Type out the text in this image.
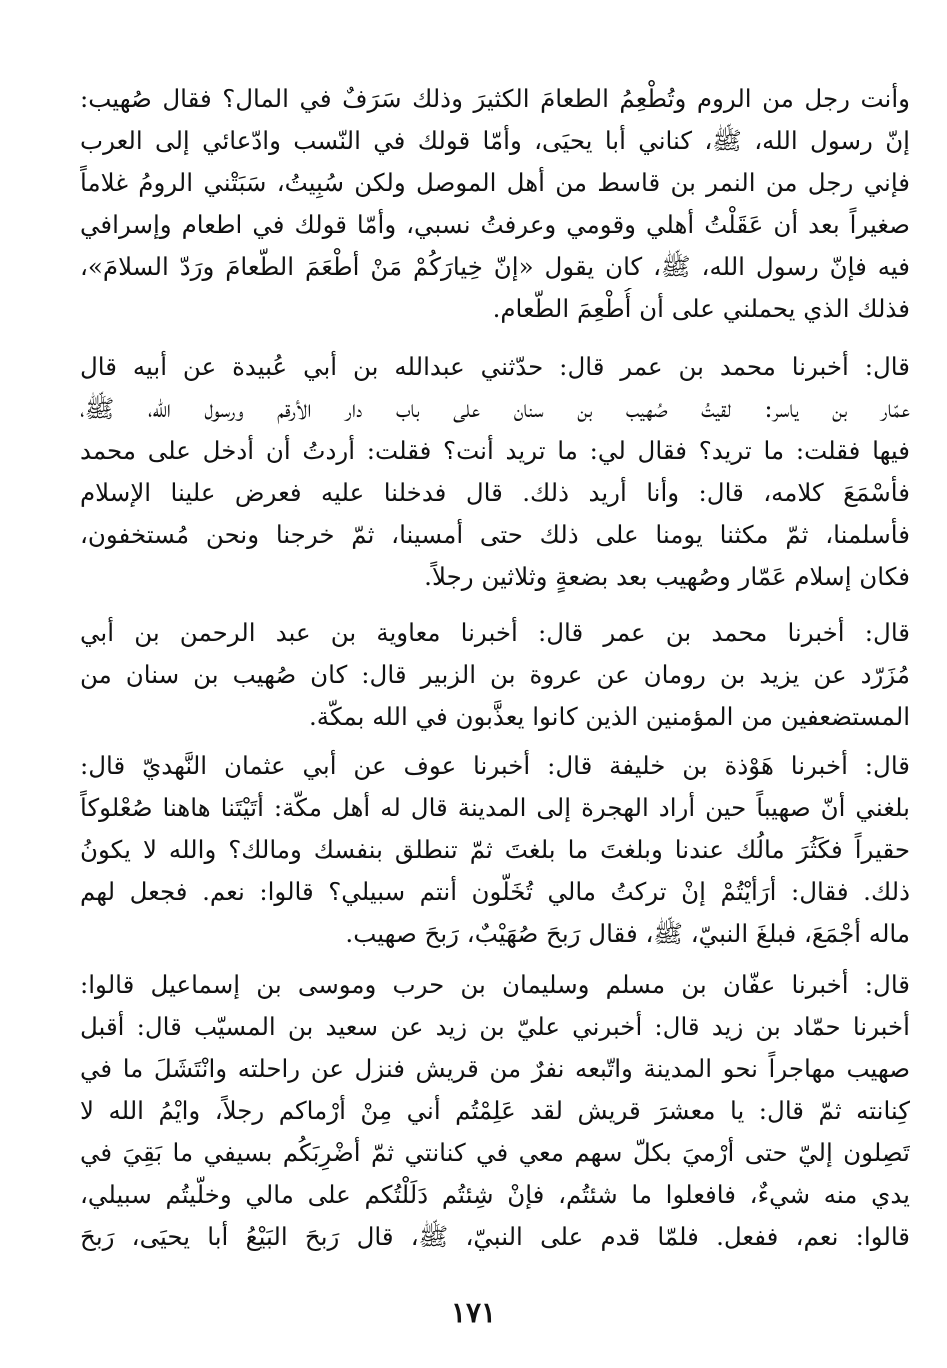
وأنت رجل من الروم وتُطْعِمُ الطعامَ الكثيرَ وذلك سَرَفٌ في المال؟ فقال صُهيب:
إنّ رسول الله، ﷺ، كناني أبا يحيَى، وأمّا قولك في النّسب وادّعائي إلى العرب
فإني رجل من النمر بن قاسط من أهل الموصل ولكن سُبِيتُ، سَبَتْني الرومُ غلاماً
صغيراً بعد أن عَقَلْتُ أهلي وقومي وعرفتُ نسبي، وأمّا قولك في اطعام وإسرافي
فيه فإنّ رسول الله، ﷺ، كان يقول «إنّ خِيارَكُمْ مَنْ أطْعَمَ الطّعامَ ورَدّ السلامَ»،
فذلك الذي يحملني على أن أُطْعِمَ الطّعام.
قال: أخبرنا محمد بن عمر قال: حدّثني عبدالله بن أبي عُبيدة عن أبيه قال
عمّار بن ياسر: لقيتُ صُهيب بن سنان على باب دار الأرقم ورسول الله، ﷺ،
فيها فقلت: ما تريد؟ فقال لي: ما تريد أنت؟ فقلت: أردتُ أن أدخل على محمد
فأسْمَعَ كلامه، قال: وأنا أريد ذلك. قال فدخلنا عليه فعرض علينا الإسلام
فأسلمنا، ثمّ مكثنا يومنا على ذلك حتى أمسينا، ثمّ خرجنا ونحن مُستخفون،
فكان إسلام عَمّار وصُهيب بعد بضعةٍ وثلاثين رجلاً.
قال: أخبرنا محمد بن عمر قال: أخبرنا معاوية بن عبد الرحمن بن أبي
مُزَرّد عن يزيد بن رومان عن عروة بن الزبير قال: كان صُهيب بن سنان من
المستضعفين من المؤمنين الذين كانوا يعذَّبون في الله بمكّة.
قال: أخبرنا هَوْذة بن خليفة قال: أخبرنا عوف عن أبي عثمان النَّهديّ قال:
بلغني أنّ صهيباً حين أراد الهجرة إلى المدينة قال له أهل مكّة: أتَيْتَنا هاهنا صُعْلوكاً
حقيراً فكَثُرَ مالُك عندنا وبلغتَ ما بلغتَ ثمّ تنطلق بنفسك ومالك؟ والله لا يكونُ
ذلك. فقال: أرَأيْتُمْ إنْ تركتُ مالي تُخَلّون أنتم سبيلي؟ قالوا: نعم. فجعل لهم
ماله أجْمَعَ، فبلغَ النبيّ، ﷺ، فقال رَبحَ صُهَيْبٌ، رَبحَ صهيب.
قال: أخبرنا عفّان بن مسلم وسليمان بن حرب وموسى بن إسماعيل قالوا:
أخبرنا حمّاد بن زيد قال: أخبرني عليّ بن زيد عن سعيد بن المسيّب قال: أقبل
صهيب مهاجراً نحو المدينة واتّبعه نفرٌ من قريش فنزل عن راحلته وانْتَشَلَ ما في
كِنانته ثمّ قال: يا معشرَ قريش لقد عَلِمْتُم أني مِنْ أرْماكم رجلاً، وايْمُ الله لا
تَصِلون إليّ حتى أرْميَ بكلّ سهم معي في كنانتي ثمّ أضْرِبَكُم بسيفي ما بَقِيَ في
يدي منه شيءٌ، فافعلوا ما شئتُم، فإنْ شِئتُم دَلَلْتُكم على مالي وخلّيتُم سبيلي،
قالوا: نعم، ففعل. فلمّا قدم على النبيّ، ﷺ، قال رَبحَ البَيْعُ أبا يحيَى، رَبحَ
١٧١
